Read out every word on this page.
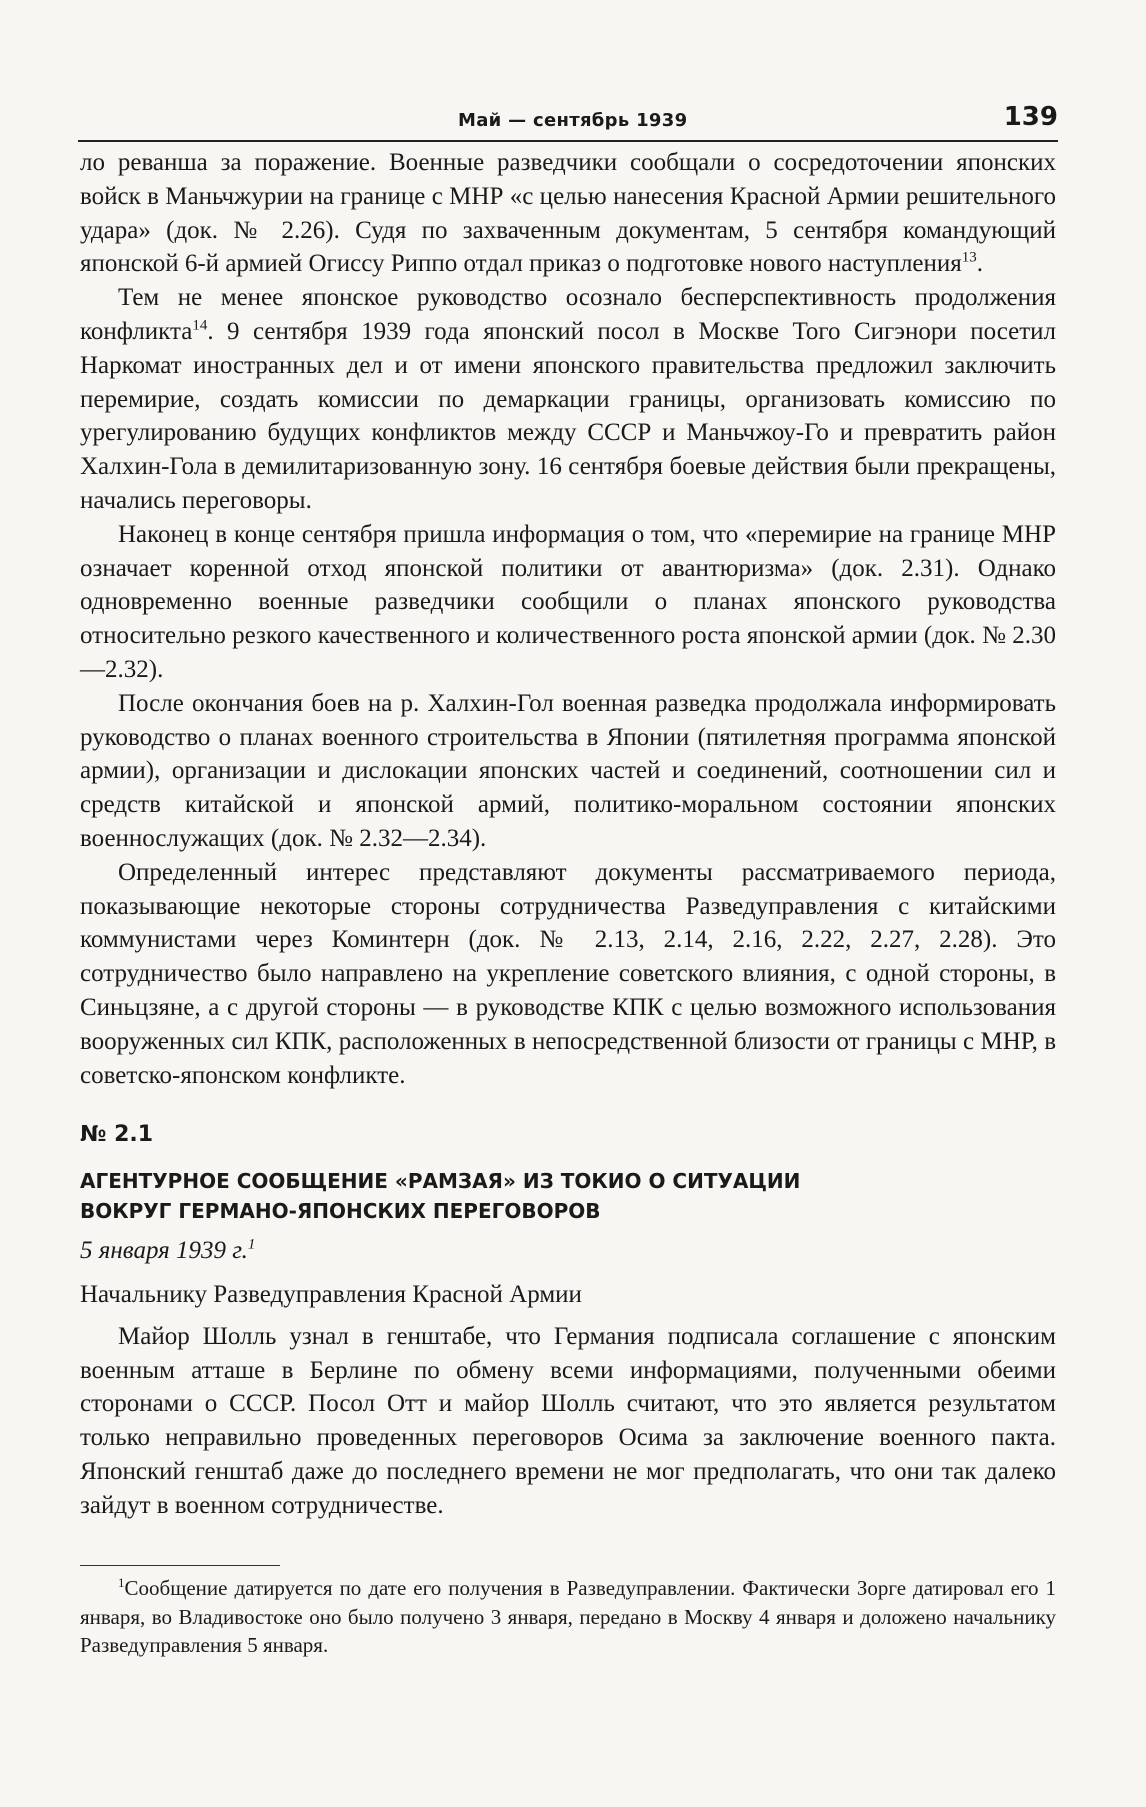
Май — сентябрь 1939	139

ло реванша за поражение. Военные разведчики сообщали о сосредоточении японских войск в Маньчжурии на границе с МНР «с целью нанесения Красной Армии решительного удара» (док. № 2.26). Судя по захваченным документам, 5 сентября командующий японской 6-й армией Огиссу Риппо отдал приказ о подготовке нового наступления$^{13}$.

Тем не менее японское руководство осознало бесперспективность продолжения конфликта$^{14}$. 9 сентября 1939 года японский посол в Москве Того Сигэнори посетил Наркомат иностранных дел и от имени японского правительства предложил заключить перемирие, создать комиссии по демаркации границы, организовать комиссию по урегулированию будущих конфликтов между СССР и Маньчжоу-Го и превратить район Халхин-Гола в демилитаризованную зону. 16 сентября боевые действия были прекращены, начались переговоры.

Наконец в конце сентября пришла информация о том, что «перемирие на границе МНР означает коренной отход японской политики от авантюризма» (док. 2.31). Однако одновременно военные разведчики сообщили о планах японского руководства относительно резкого качественного и количественного роста японской армии (док. № 2.30—2.32).

После окончания боев на р. Халхин-Гол военная разведка продолжала информировать руководство о планах военного строительства в Японии (пятилетняя программа японской армии), организации и дислокации японских частей и соединений, соотношении сил и средств китайской и японской армий, политико-моральном состоянии японских военнослужащих (док. № 2.32—2.34).

Определенный интерес представляют документы рассматриваемого периода, показывающие некоторые стороны сотрудничества Разведуправления с китайскими коммунистами через Коминтерн (док. № 2.13, 2.14, 2.16, 2.22, 2.27, 2.28). Это сотрудничество было направлено на укрепление советского влияния, с одной стороны, в Синьцзяне, а с другой стороны — в руководстве КПК с целью возможного использования вооруженных сил КПК, расположенных в непосредственной близости от границы с МНР, в советско-японском конфликте.

№ 2.1
АГЕНТУРНОЕ СООБЩЕНИЕ «РАМЗАЯ» ИЗ ТОКИО О СИТУАЦИИ
ВОКРУГ ГЕРМАНО-ЯПОНСКИХ ПЕРЕГОВОРОВ
5 января 1939 г.$^1$
Начальнику Разведуправления Красной Армии

Майор Шолль узнал в генштабе, что Германия подписала соглашение с японским военным атташе в Берлине по обмену всеми информациями, полученными обеими сторонами о СССР. Посол Отт и майор Шолль считают, что это является результатом только неправильно проведенных переговоров Осима за заключение военного пакта. Японский генштаб даже до последнего времени не мог предполагать, что они так далеко зайдут в военном сотрудничестве.

$^1$Сообщение датируется по дате его получения в Разведуправлении. Фактически Зорге датировал его 1 января, во Владивостоке оно было получено 3 января, передано в Москву 4 января и доложено начальнику Разведуправления 5 января.
